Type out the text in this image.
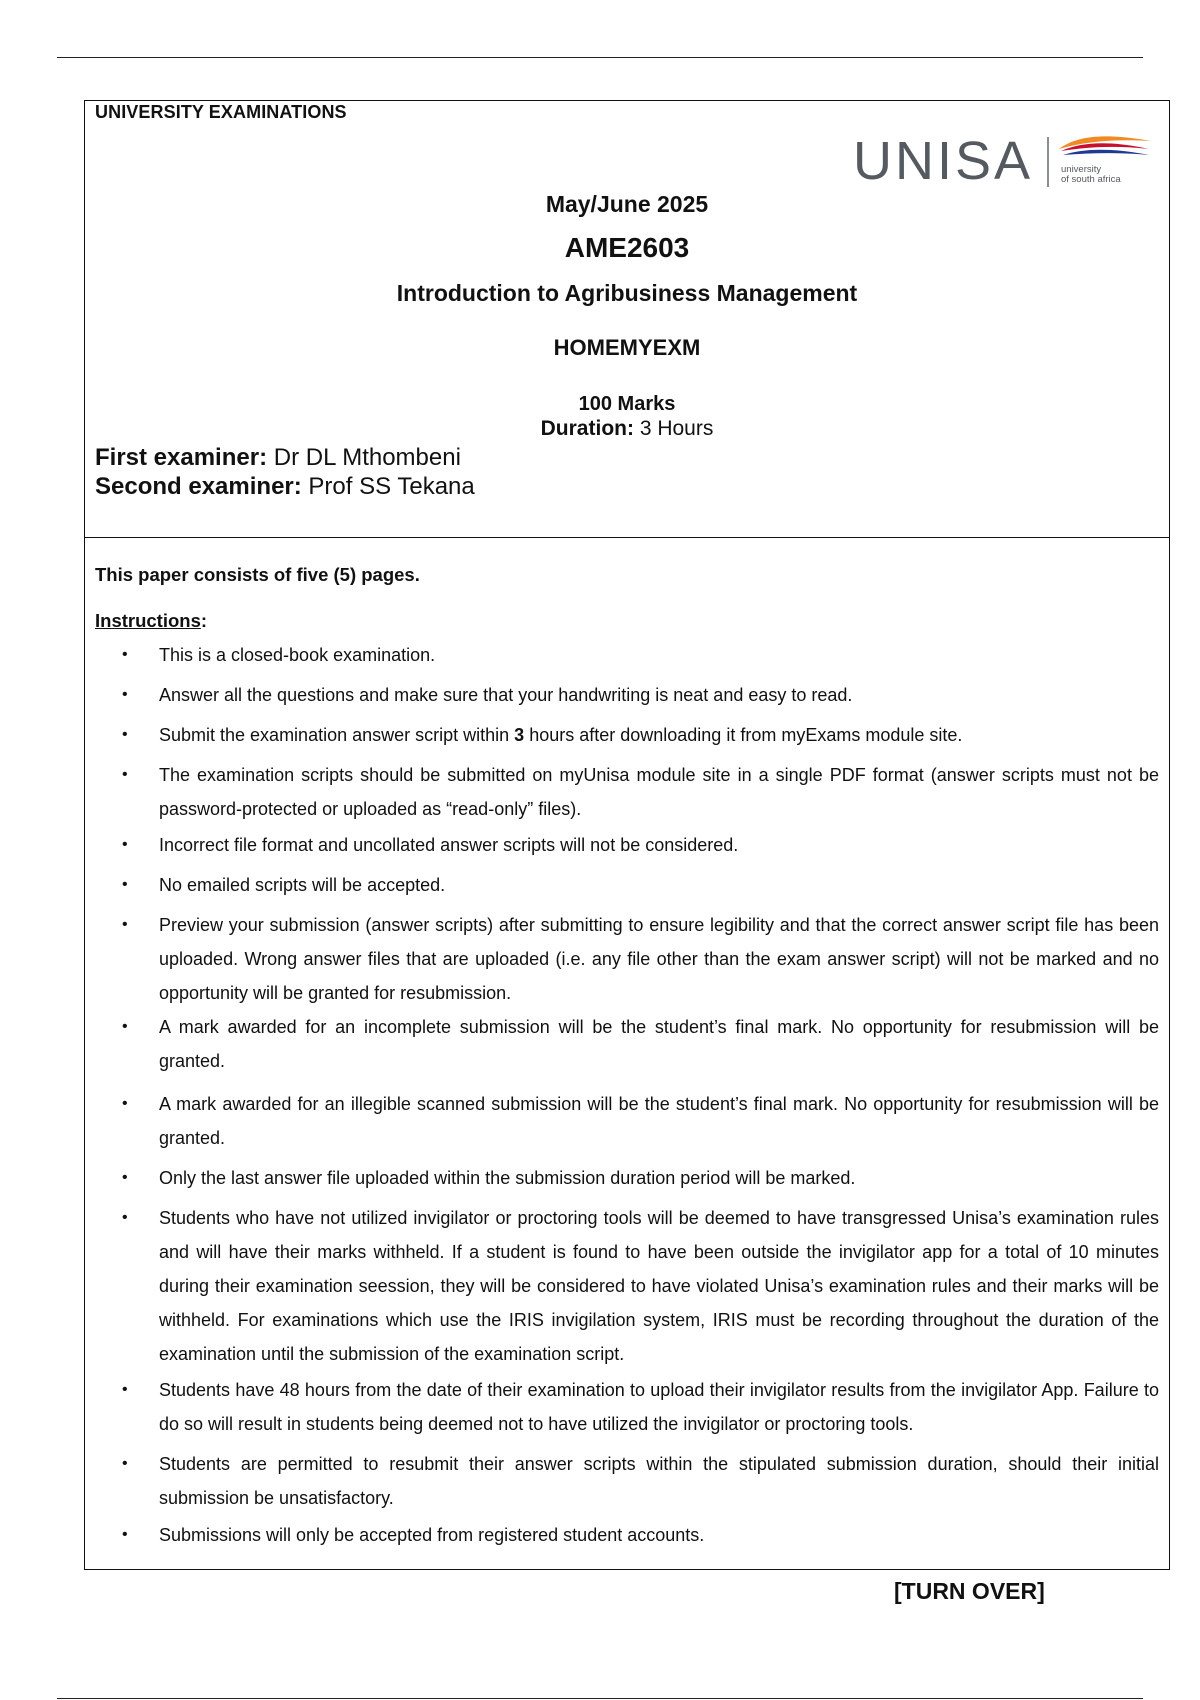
UNIVERSITY EXAMINATIONS
UNISA	university
of south africa
May/June 2025
AME2603
Introduction to Agribusiness Management
HOMEMYEXM
100 Marks
Duration: 3 Hours
First examiner: Dr DL Mthombeni
Second examiner: Prof SS Tekana
This paper consists of five (5) pages.
Instructions:
• This is a closed-book examination.
• Answer all the questions and make sure that your handwriting is neat and easy to read.
• Submit the examination answer script within 3 hours after downloading it from myExams module site.
• The examination scripts should be submitted on myUnisa module site in a single PDF format (answer scripts must not be password-protected or uploaded as “read-only” files).
• Incorrect file format and uncollated answer scripts will not be considered.
• No emailed scripts will be accepted.
• Preview your submission (answer scripts) after submitting to ensure legibility and that the correct answer script file has been uploaded. Wrong answer files that are uploaded (i.e. any file other than the exam answer script) will not be marked and no opportunity will be granted for resubmission.
• A mark awarded for an incomplete submission will be the student’s final mark. No opportunity for resubmission will be granted.
• A mark awarded for an illegible scanned submission will be the student’s final mark. No opportunity for resubmission will be granted.
• Only the last answer file uploaded within the submission duration period will be marked.
• Students who have not utilized invigilator or proctoring tools will be deemed to have transgressed Unisa’s examination rules and will have their marks withheld. If a student is found to have been outside the invigilator app for a total of 10 minutes during their examination seession, they will be considered to have violated Unisa’s examination rules and their marks will be withheld. For examinations which use the IRIS invigilation system, IRIS must be recording throughout the duration of the examination until the submission of the examination script.
• Students have 48 hours from the date of their examination to upload their invigilator results from the invigilator App. Failure to do so will result in students being deemed not to have utilized the invigilator or proctoring tools.
• Students are permitted to resubmit their answer scripts within the stipulated submission duration, should their initial submission be unsatisfactory.
• Submissions will only be accepted from registered student accounts.
[TURN OVER]
